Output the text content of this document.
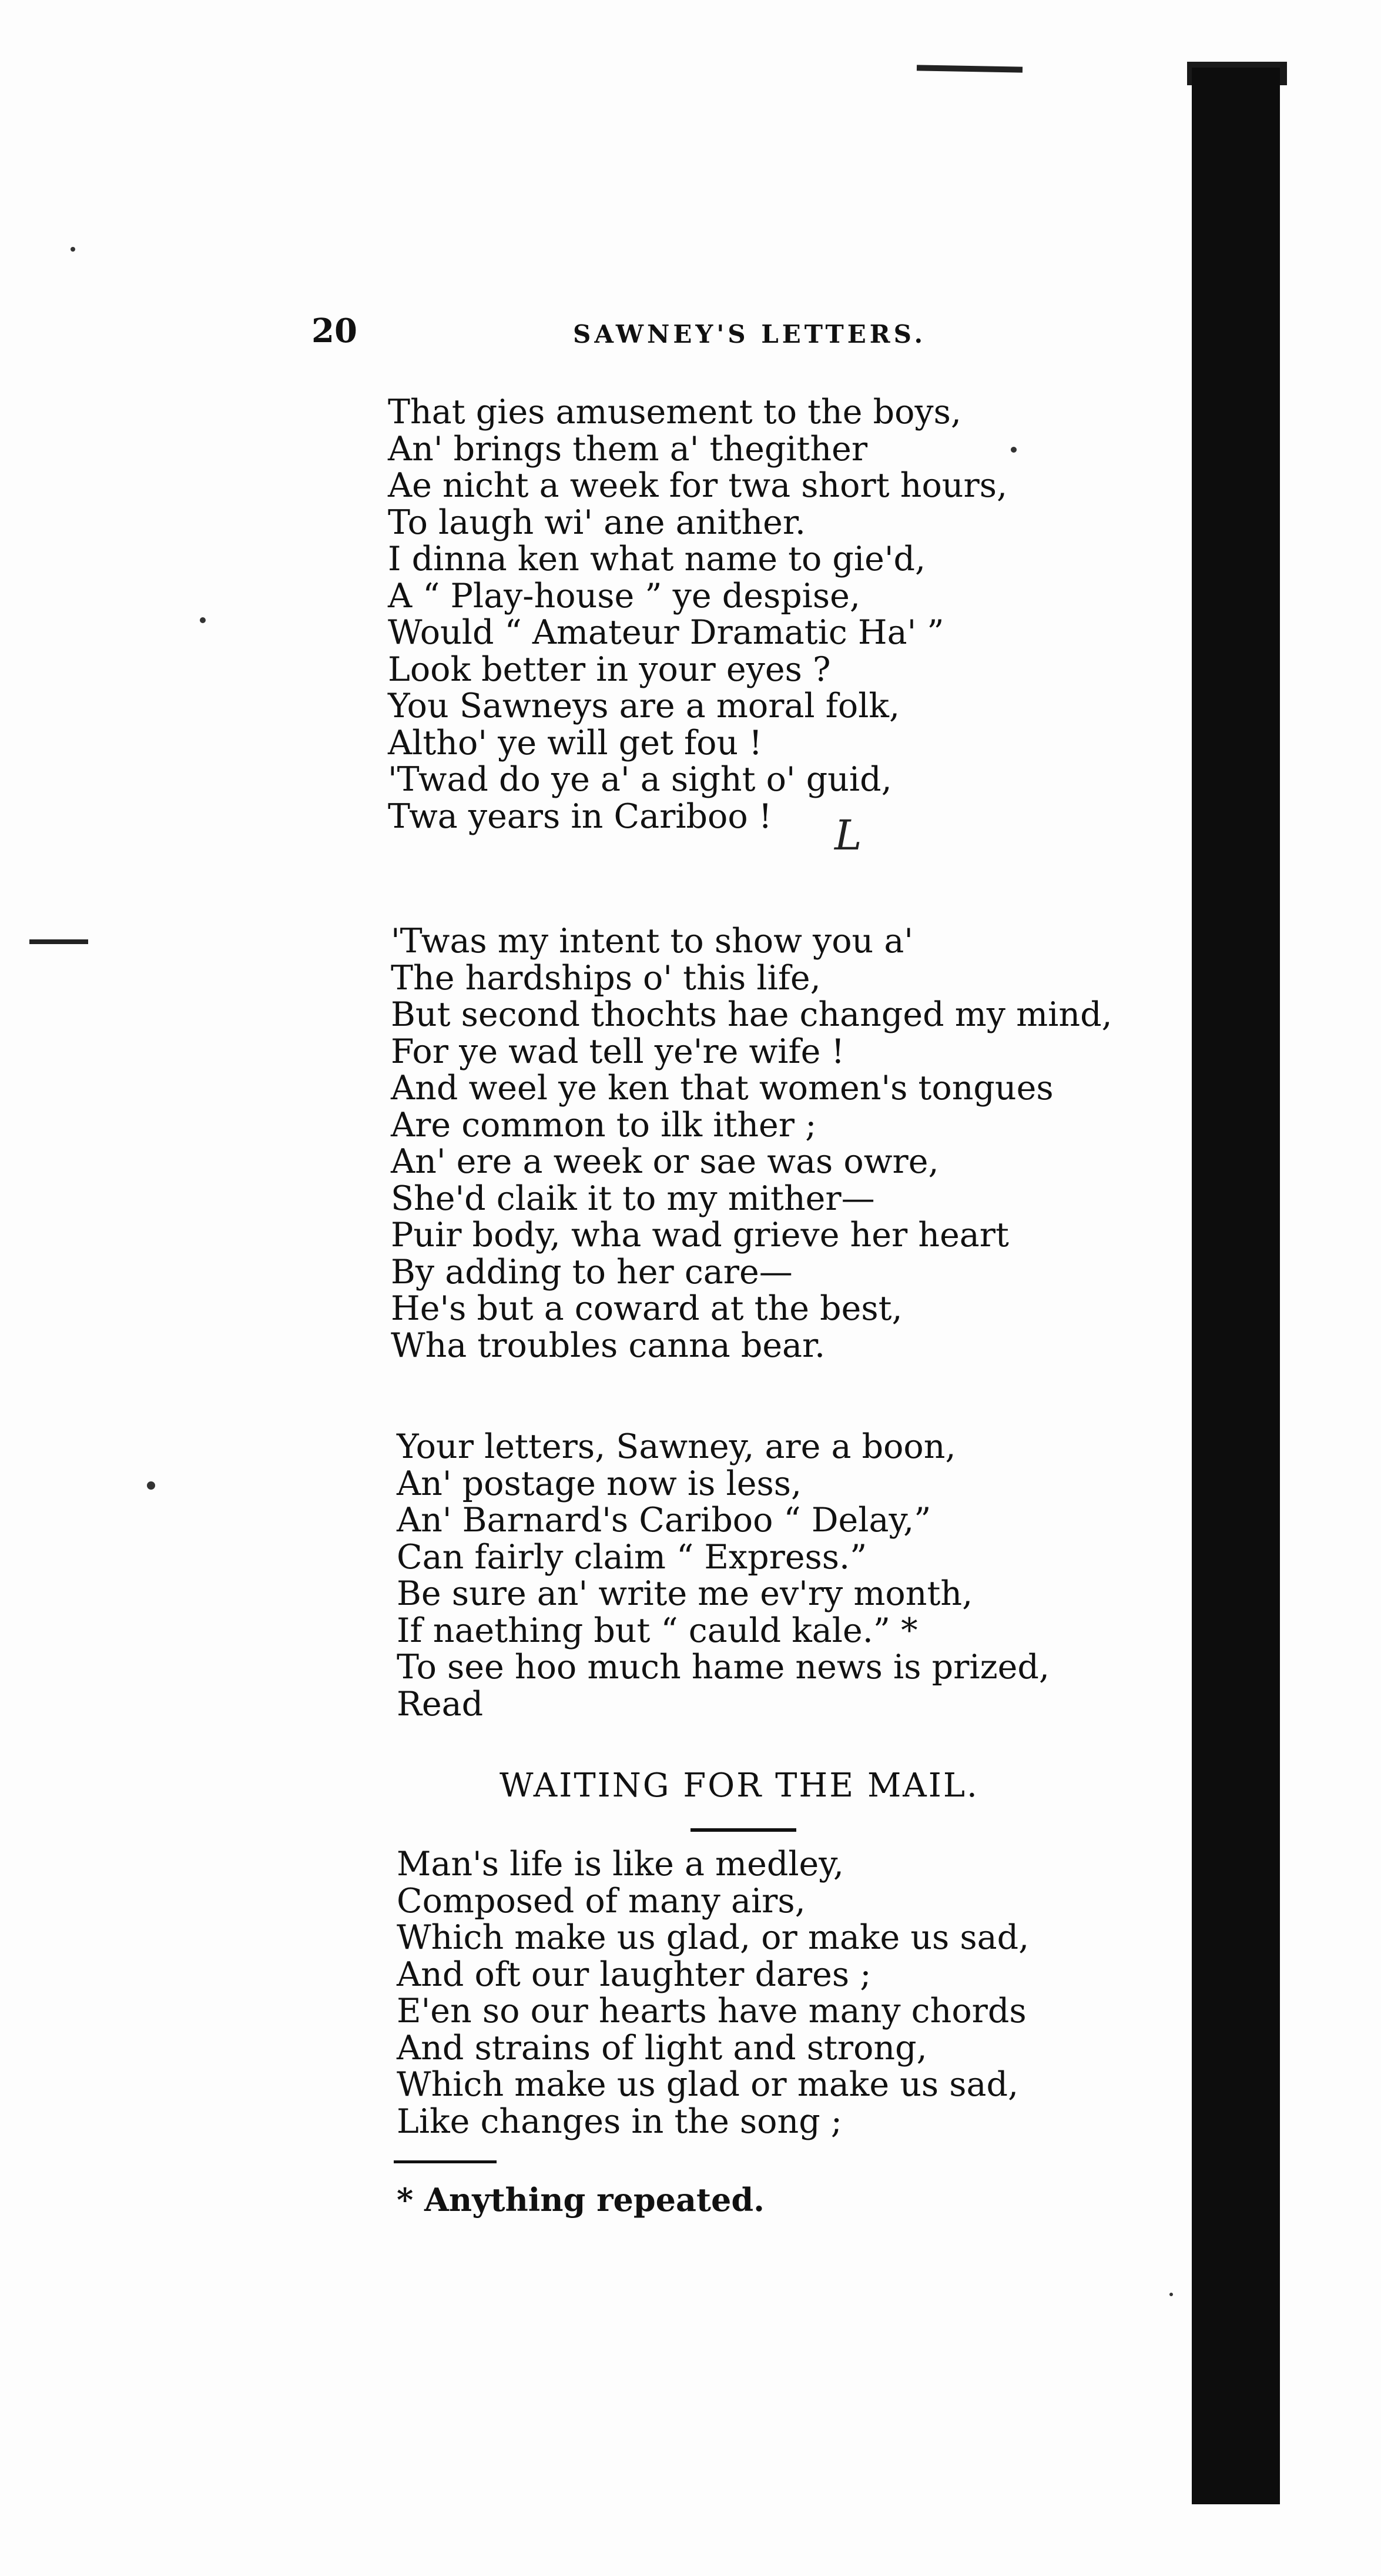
20	SAWNEY'S LETTERS.
That gies amusement to the boys,
An' brings them a' thegither
Ae nicht a week for twa short hours,
To laugh wi' ane anither.
I dinna ken what name to gie'd,
A “ Play-house ” ye despise,
Would “ Amateur Dramatic Ha' ”
Look better in your eyes ?
You Sawneys are a moral folk,
Altho' ye will get fou !
'Twad do ye a' a sight o' guid,
Twa years in Cariboo !	L
'Twas my intent to show you a'
The hardships o' this life,
But second thochts hae changed my mind,
For ye wad tell ye're wife !
And weel ye ken that women's tongues
Are common to ilk ither ;
An' ere a week or sae was owre,
She'd claik it to my mither—
Puir body, wha wad grieve her heart
By adding to her care—
He's but a coward at the best,
Wha troubles canna bear.
Your letters, Sawney, are a boon,
An' postage now is less,
An' Barnard's Cariboo “ Delay,”
Can fairly claim “ Express.”
Be sure an' write me ev'ry month,
If naething but “ cauld kale.” *
To see hoo much hame news is prized,
Read
WAITING FOR THE MAIL.
Man's life is like a medley,
Composed of many airs,
Which make us glad, or make us sad,
And oft our laughter dares ;
E'en so our hearts have many chords
And strains of light and strong,
Which make us glad or make us sad,
Like changes in the song ;
* Anything repeated.
